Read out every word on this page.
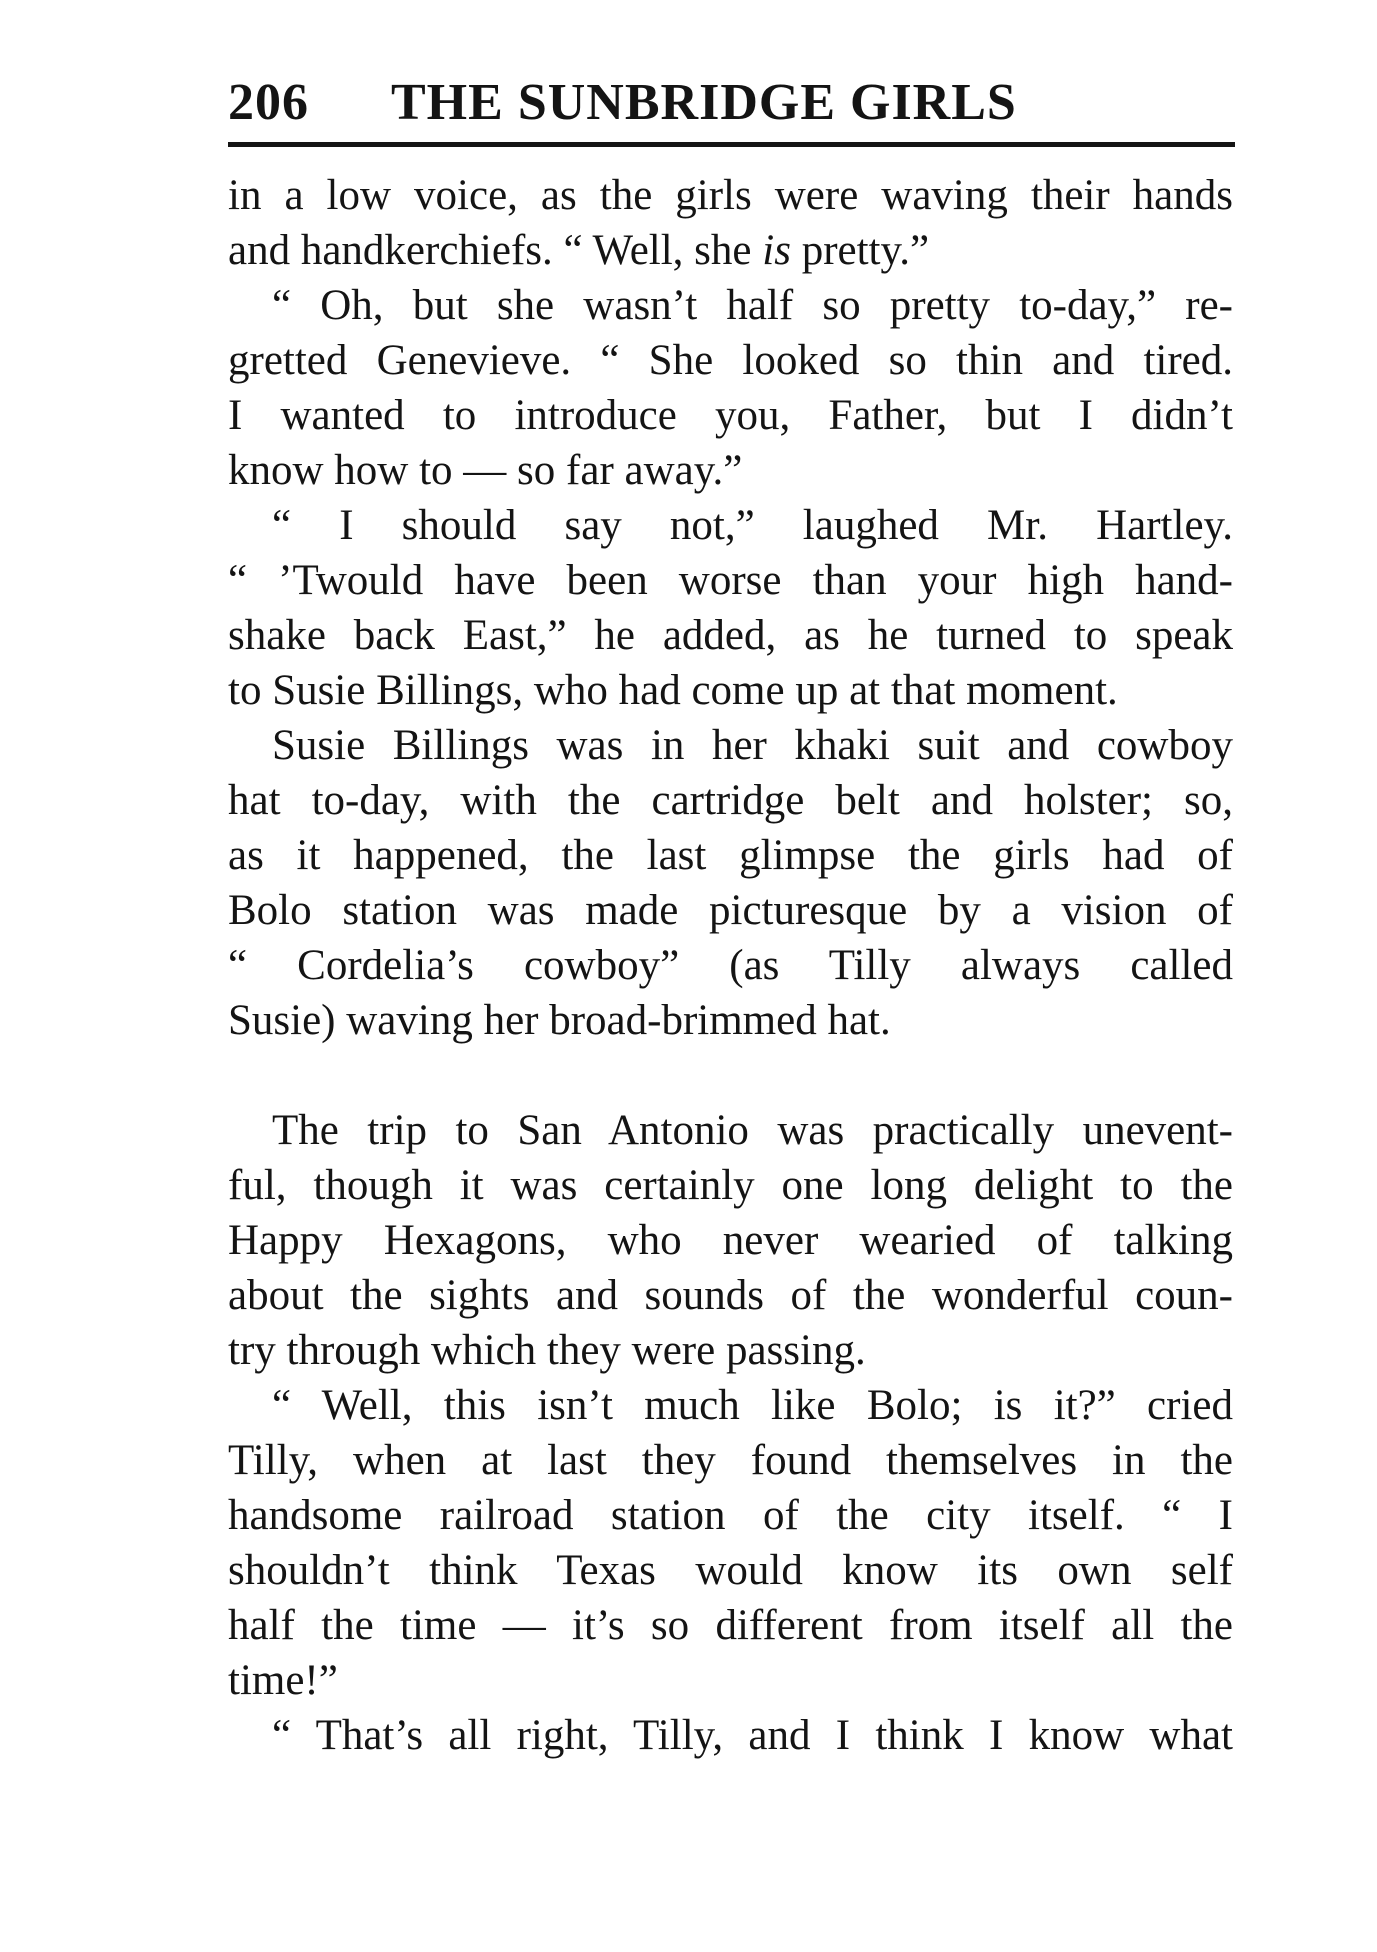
206 THE SUNBRIDGE GIRLS
in a low voice, as the girls were waving their hands
and handkerchiefs. “ Well, she is pretty.”
“ Oh, but she wasn’t half so pretty to-day,” re-
gretted Genevieve. “ She looked so thin and tired.
I wanted to introduce you, Father, but I didn’t
know how to — so far away.”
“ I should say not,” laughed Mr. Hartley.
“ ’Twould have been worse than your high hand-
shake back East,” he added, as he turned to speak
to Susie Billings, who had come up at that moment.
Susie Billings was in her khaki suit and cowboy
hat to-day, with the cartridge belt and holster; so,
as it happened, the last glimpse the girls had of
Bolo station was made picturesque by a vision of
“ Cordelia’s cowboy” (as Tilly always called
Susie) waving her broad-brimmed hat.
The trip to San Antonio was practically unevent-
ful, though it was certainly one long delight to the
Happy Hexagons, who never wearied of talking
about the sights and sounds of the wonderful coun-
try through which they were passing.
“ Well, this isn’t much like Bolo; is it?” cried
Tilly, when at last they found themselves in the
handsome railroad station of the city itself. “ I
shouldn’t think Texas would know its own self
half the time — it’s so different from itself all the
time!”
“ That’s all right, Tilly, and I think I know what
